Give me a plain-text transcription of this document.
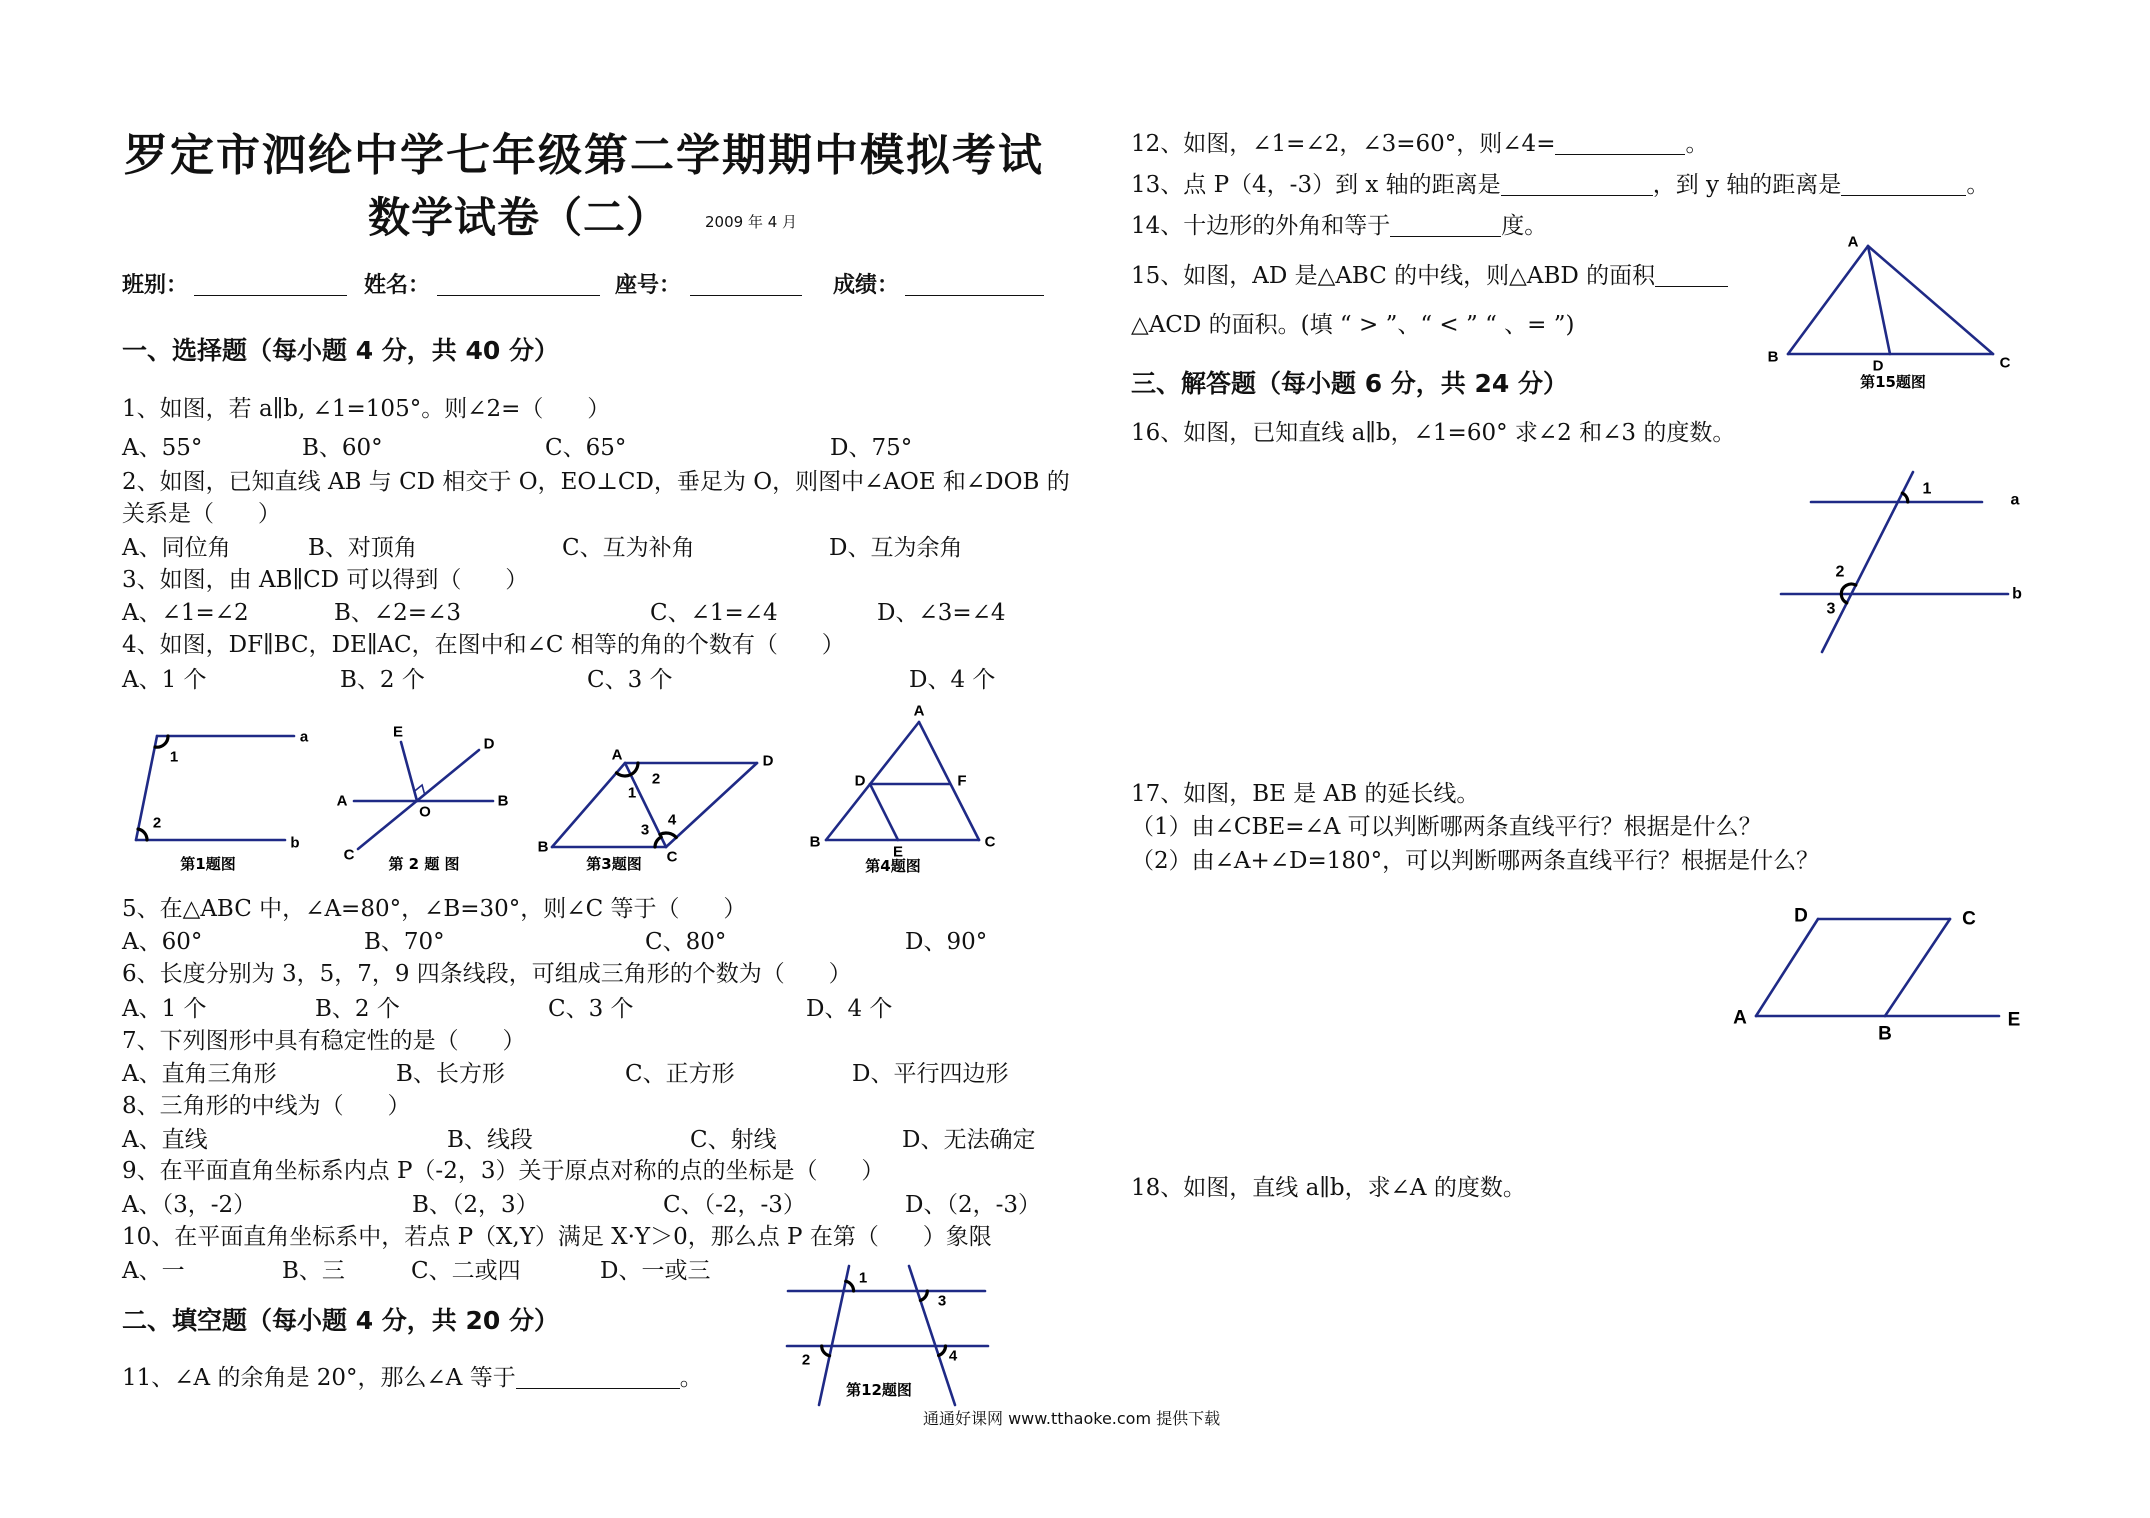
罗定市泗纶中学七年级第二学期期中模拟考试
数学试卷（二） 2009 年 4 月
班别：	姓名：	座号：	成绩：
一、选择题（每小题 4 分，共 40 分）
1、如图，若 a∥b, ∠1=105°。则∠2=（      ）
A、55°	B、60°	C、65°	D、75°
2、如图，已知直线 AB 与 CD 相交于 O，EO⊥CD，垂足为 O，则图中∠AOE 和∠DOB 的
关系是（      ）
A、同位角	B、对顶角	C、互为补角	D、互为余角
3、如图，由 AB∥CD 可以得到（      ）
A、∠1=∠2	B、∠2=∠3	C、∠1=∠4	D、∠3=∠4
4、如图，DF∥BC，DE∥AC，在图中和∠C 相等的角的个数有（      ）
A、1 个	B、2 个	C、3 个	D、4 个
5、在△ABC 中，∠A=80°，∠B=30°，则∠C 等于（      ）
A、60°	B、70°	C、80°	D、90°
6、长度分别为 3，5，7，9 四条线段，可组成三角形的个数为（      ）
A、1 个	B、2 个	C、3 个	D、4 个
7、下列图形中具有稳定性的是（      ）
A、直角三角形	B、长方形	C、正方形	D、平行四边形
8、三角形的中线为（      ）
A、直线	B、线段	C、射线	D、无法确定
9、在平面直角坐标系内点 P（-2，3）关于原点对称的点的坐标是（      ）
A、（3，-2）	B、（2，3）	C、（-2，-3）	D、（2，-3）
10、在平面直角坐标系中，若点 P（X,Y）满足 X·Y＞0，那么点 P 在第（      ）象限
A、一	B、三	C、二或四	D、一或三
二、填空题（每小题 4 分，共 20 分）
11、∠A 的余角是 20°，那么∠A 等于	。
12、如图，∠1=∠2，∠3=60°，则∠4=	。
13、点 P（4，-3）到 x 轴的距离是	，到 y 轴的距离是	。
14、十边形的外角和等于	度。
15、如图，AD 是△ABC 的中线，则△ABD 的面积
△ACD 的面积。(填 “ > ”、“ < ” “ 、= ”)
三、解答题（每小题 6 分，共 24 分）
16、如图，已知直线 a∥b，∠1=60° 求∠2 和∠3 的度数。
17、如图，BE 是 AB 的延长线。
（1）由∠CBE=∠A 可以判断哪两条直线平行？根据是什么？
（2）由∠A+∠D=180°，可以判断哪两条直线平行？根据是什么？
18、如图，直线 a∥b，求∠A 的度数。
通通好课网 www.tthaoke.com 提供下载
a
b
1
2
第1题图
E
D
A	B
C
O
第 2 题 图
A
2
1
3
4
D
B
C
第3题图
A
D	F
B
E
C
第4题图
1
3
2	4
第12题图
A
B
D	C
第15题图
1
a
2
b
3
D	C
A
B
E
